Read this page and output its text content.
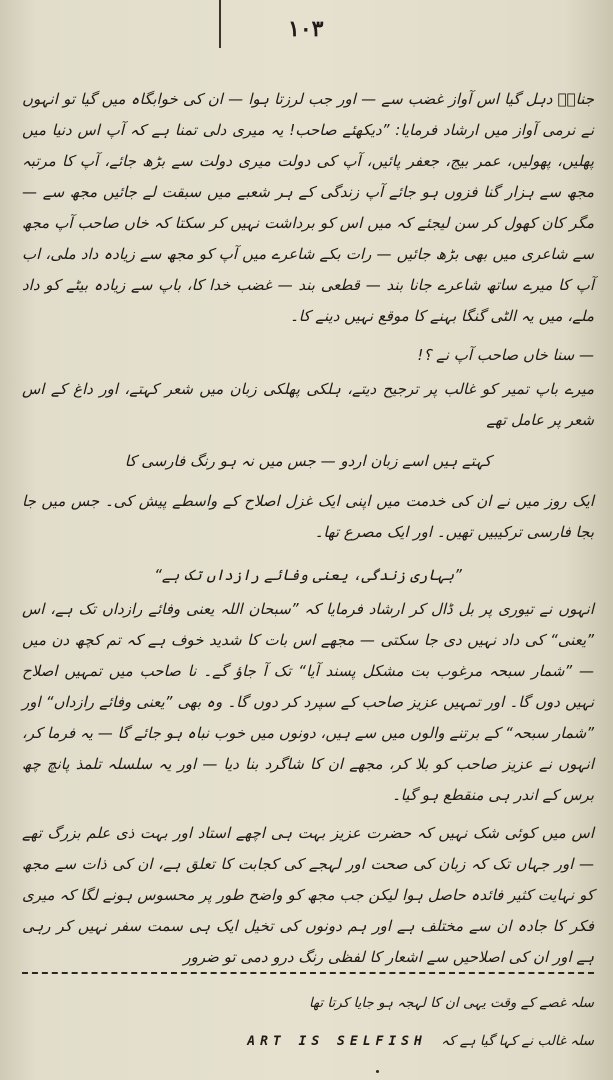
۱۰۳
جنابؒ دہل گیا اس آواز غضب سے — اور جب لرزتا ہوا — ان کی خوابگاہ میں گیا تو انہوں نے نرمی آواز میں ارشاد فرمایا: ”دیکھئے صاحب! یہ میری دلی تمنا ہے کہ آپ اس دنیا میں پھلیں، پھولیں، عمر بیج، جعفر پائیں، آپ کی دولت میری دولت سے بڑھ جائے، آپ کا مرتبہ مجھ سے ہزار گنا فزوں ہو جائے آپ زندگی کے ہر شعبے میں سبقت لے جائیں مجھ سے — مگر کان کھول کر سن لیجئے کہ میں اس کو برداشت نہیں کر سکتا کہ خاں صاحب آپ مجھ سے شاعری میں بھی بڑھ جائیں — رات بکے شاعرے میں آپ کو مجھ سے زیادہ داد ملی، اب آپ کا میرے ساتھ شاعرے جانا بند — قطعی بند — غضب خدا کا، باپ سے زیادہ بیٹے کو داد ملے، میں یہ الٹی گنگا بہنے کا موقع نہیں دینے کا۔
— سنا خاں صاحب آپ نے ؟!
میرے باپ تمیر کو غالب پر ترجیح دیتے، ہلکی پھلکی زبان میں شعر کہتے، اور داغ کے اس شعر پر عامل تھے
کہتے ہیں اسے زبان اردو — جس میں نہ ہو رنگ فارسی کا
ایک روز میں نے ان کی خدمت میں اپنی ایک غزل اصلاح کے واسطے پیش کی۔ جس میں جا بجا فارسی ترکیبیں تھیں۔ اور ایک مصرع تھا۔
”بہاری زندگی، یعنی وفائے رازداں تک ہے“
انہوں نے تیوری پر بل ڈال کر ارشاد فرمایا کہ ”سبحان اللہ یعنی وفائے رازداں تک ہے، اس ”یعنی“ کی داد نہیں دی جا سکتی — مجھے اس بات کا شدید خوف ہے کہ تم کچھ دن میں — ”شمار سبحہ مرغوب بت مشکل پسند آیا“ تک آ جاؤ گے۔ نا صاحب میں تمہیں اصلاح نہیں دوں گا۔ اور تمہیں عزیز صاحب کے سپرد کر دوں گا۔ وہ بھی ”یعنی وفائے رازداں“ اور ”شمار سبحہ“ کے برتنے والوں میں سے ہیں، دونوں میں خوب نباہ ہو جائے گا — یہ فرما کر، انہوں نے عزیز صاحب کو بلا کر، مجھے ان کا شاگرد بنا دیا — اور یہ سلسلہ تلمذ پانچ چھ برس کے اندر ہی منقطع ہو گیا۔
اس میں کوئی شک نہیں کہ حضرت عزیز بہت ہی اچھے استاد اور بہت ذی علم بزرگ تھے — اور جہاں تک کہ زبان کی صحت اور لہجے کی کجابت کا تعلق ہے، ان کی ذات سے مجھ کو نہایت کثیر فائدہ حاصل ہوا لیکن جب مجھ کو واضح طور پر محسوس ہونے لگا کہ میری فکر کا جادہ ان سے مختلف ہے اور ہم دونوں کی تخیل ایک ہی سمت سفر نہیں کر رہی ہے اور ان کی اصلاحیں سے اشعار کا لفظی رنگ درو دمی تو ضرور
سلہ غصے کے وقت یہی ان کا لہجہ ہو جایا کرتا تھا
سلہ غالب نے کہا گیا ہے کہ ART IS SELFISH
